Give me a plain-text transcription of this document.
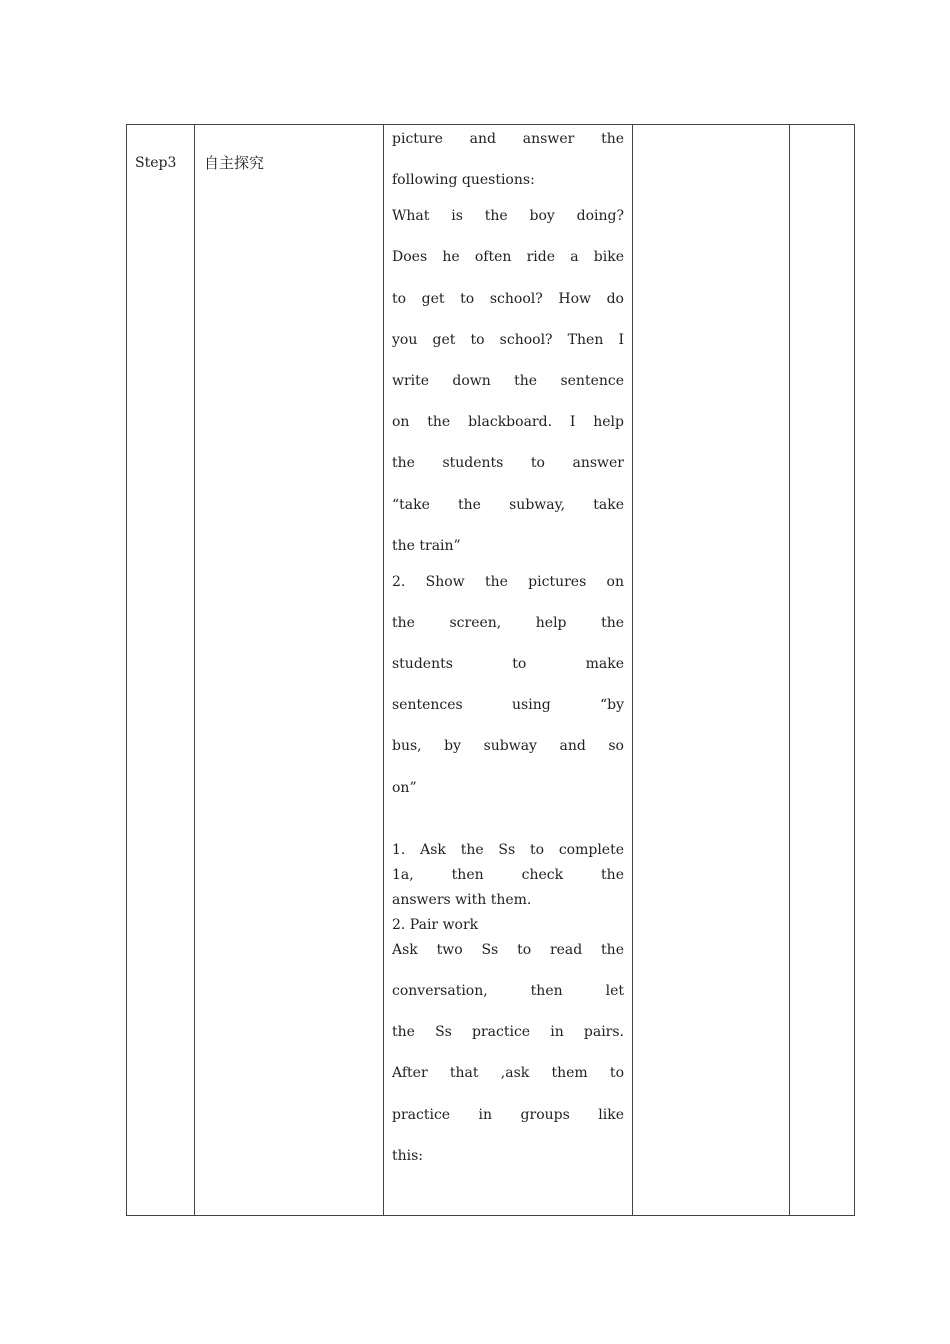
Step3	自主探究	
picture and answer the
following questions:
What is the boy doing?
Does he often ride a bike
to get to school? How do
you get to school? Then I
write down the sentence
on the blackboard. I help
the students to answer
“take the subway, take
the train”
2. Show the pictures on
the screen, help the
students to make
sentences using “by
bus, by subway and so
on”
1. Ask the Ss to complete
1a, then check the
answers with them.
2. Pair work
Ask two Ss to read the
conversation, then let
the Ss practice in pairs.
After that ,ask them to
practice in groups like
this:
